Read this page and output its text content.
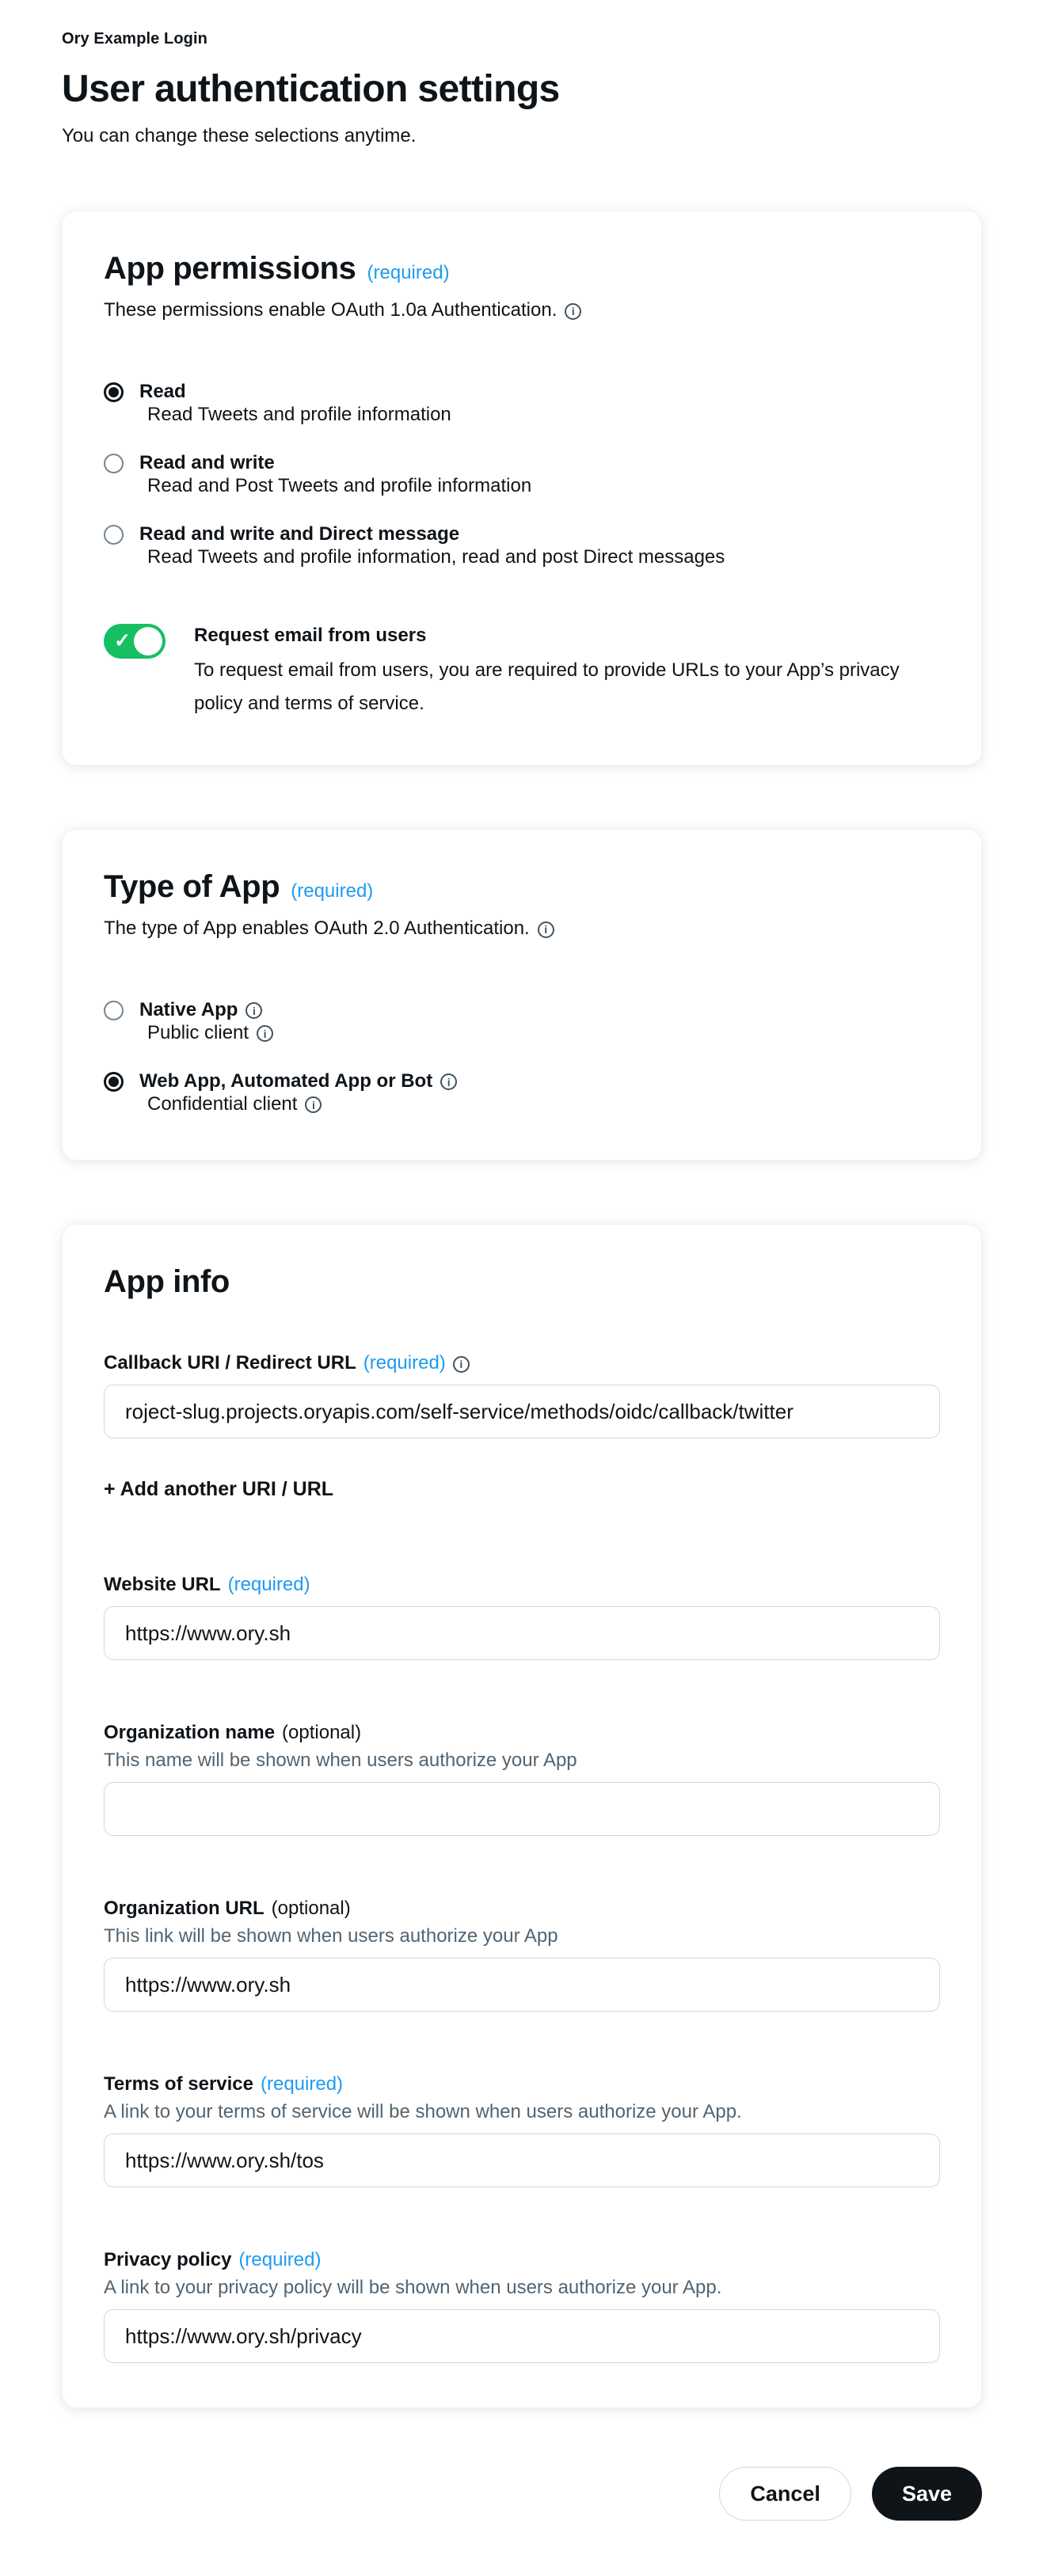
Ory Example Login
User authentication settings

You can change these selections anytime.

App permissions (required)

These permissions enable OAuth 1.0a Authentication.
i

Read
Read Tweets and profile information
Read and write
Read and Post Tweets and profile information
Read and write and Direct message
Read Tweets and profile information, read and post Direct messages
✓
Request email from users
To request email from users, you are required to provide URLs to your App’s privacy policy and terms of service.
Type of App (required)

The type of App enables OAuth 2.0 Authentication.
i

Native App
i
Public client
i
Web App, Automated App or Bot
i
Confidential client
i
App info
Callback URI / Redirect URL (required)
i
roject-slug.projects.oryapis.com/self-service/methods/oidc/callback/twitter
+ Add another URI / URL
Website URL (required)
https://www.ory.sh
Organization name (optional)
This name will be shown when users authorize your App
Organization URL (optional)
This link will be shown when users authorize your App
https://www.ory.sh
Terms of service (required)
A link to your terms of service will be shown when users authorize your App.
https://www.ory.sh/tos
Privacy policy (required)
A link to your privacy policy will be shown when users authorize your App.
https://www.ory.sh/privacy
Cancel	Save
